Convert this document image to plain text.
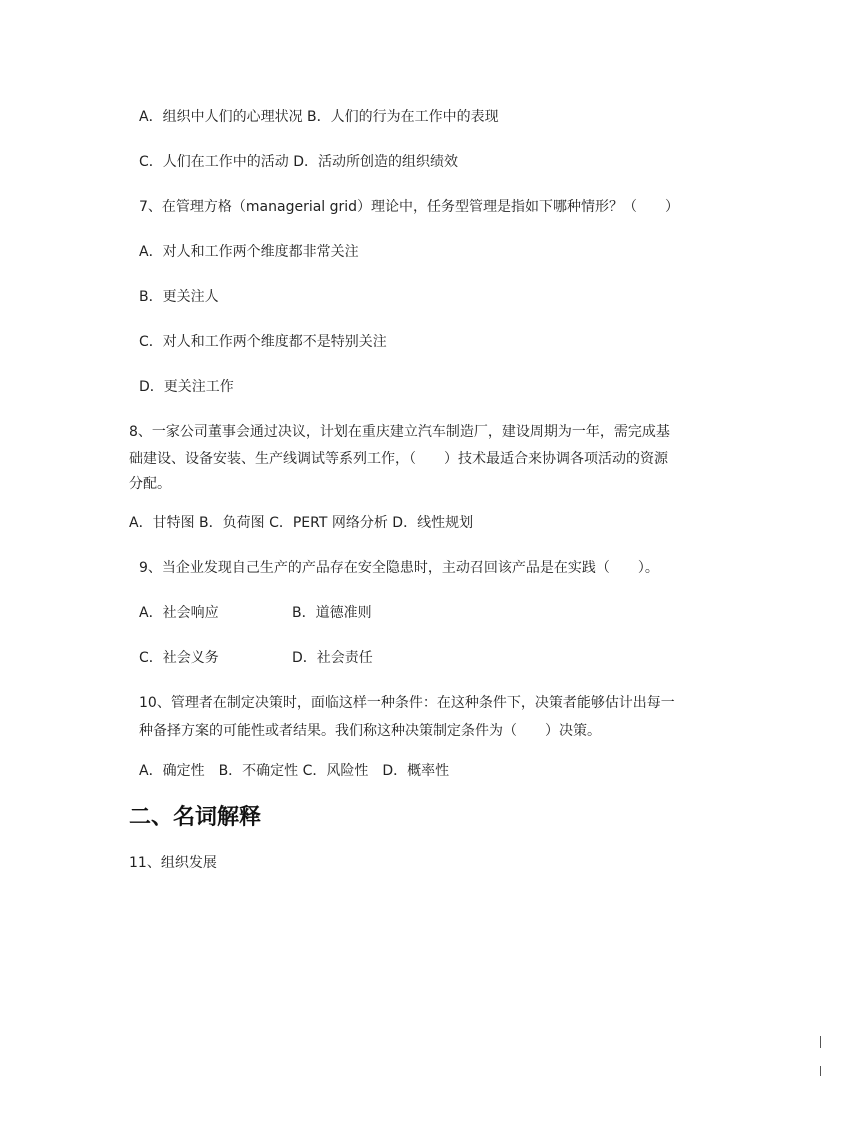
A．组织中人们的心理状况 B．人们的行为在工作中的表现
C．人们在工作中的活动 D．活动所创造的组织绩效
7、在管理方格（managerial grid）理论中，任务型管理是指如下哪种情形？（　　）
A．对人和工作两个维度都非常关注
B．更关注人
C．对人和工作两个维度都不是特别关注
D．更关注工作
8、一家公司董事会通过决议，计划在重庆建立汽车制造厂，建设周期为一年，需完成基
础建设、设备安装、生产线调试等系列工作，（　　）技术最适合来协调各项活动的资源
分配。
A．甘特图 B．负荷图 C．PERT 网络分析 D．线性规划
9、当企业发现自己生产的产品存在安全隐患时，主动召回该产品是在实践（　　）。
A．社会响应	B．道德准则
C．社会义务	D．社会责任
10、管理者在制定决策时，面临这样一种条件：在这种条件下，决策者能够估计出每一
种备择方案的可能性或者结果。我们称这种决策制定条件为（　　）决策。
A．确定性　B．不确定性 C．风险性　D．概率性
二、名词解释
11、组织发展
